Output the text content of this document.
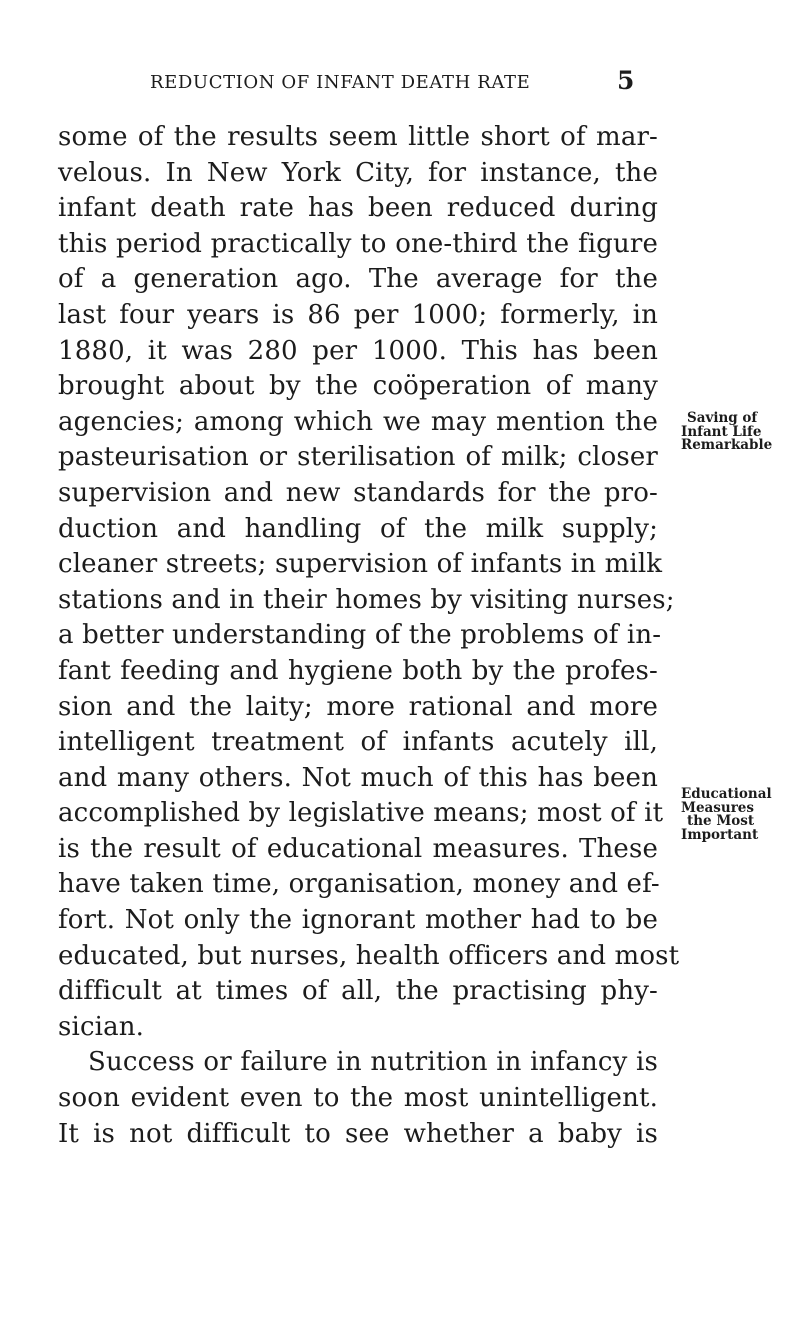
REDUCTION OF INFANT DEATH RATE	5
some of the results seem little short of mar-
velous. In New York City, for instance, the
infant death rate has been reduced during
this period practically to one-third the figure
of a generation ago. The average for the
last four years is 86 per 1000; formerly, in
1880, it was 280 per 1000. This has been
brought about by the coöperation of many
agencies; among which we may mention the
pasteurisation or sterilisation of milk; closer
supervision and new standards for the pro-
duction and handling of the milk supply;
cleaner streets; supervision of infants in milk
stations and in their homes by visiting nurses;
a better understanding of the problems of in-
fant feeding and hygiene both by the profes-
sion and the laity; more rational and more
intelligent treatment of infants acutely ill,
and many others. Not much of this has been
accomplished by legislative means; most of it
is the result of educational measures. These
have taken time, organisation, money and ef-
fort. Not only the ignorant mother had to be
educated, but nurses, health officers and most
difficult at times of all, the practising phy-
sician.
Success or failure in nutrition in infancy is
soon evident even to the most unintelligent.
It is not difficult to see whether a baby is
Saving of
Infant Life
Remarkable
Educational
Measures
the Most
Important
